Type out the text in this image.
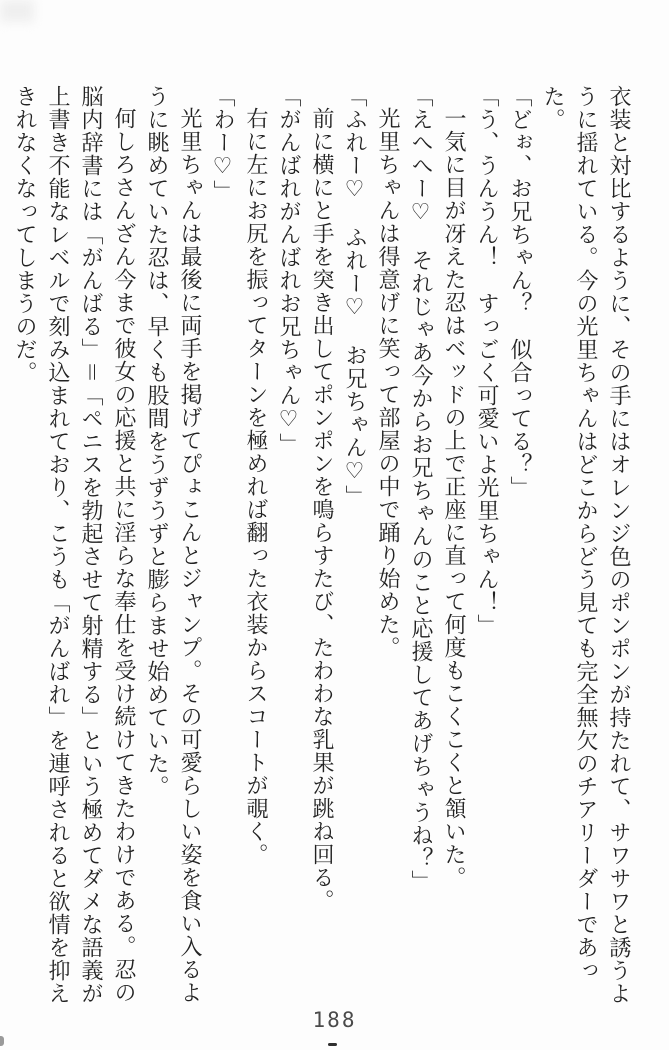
衣装と対比するように、その手にはオレンジ色のポンポンが持たれて、サワサワと誘うよ

うに揺れている。今の光里ちゃんはどこからどう見ても完全無欠のチアリーダーであった。

「どぉ、お兄ちゃん？　似合ってる？」

「う、うんうん！　すっごく可愛いよ光里ちゃん！」

一気に目が冴えた忍はベッドの上で正座に直って何度もこくこくと頷いた。

「えへへー♡　それじゃあ今からお兄ちゃんのこと応援してあげちゃうね？」

光里ちゃんは得意げに笑って部屋の中で踊り始めた。

「ふれー♡　ふれー♡　お兄ちゃん♡」

前に横にと手を突き出してポンポンを鳴らすたび、たわわな乳果が跳ね回る。

「がんばれがんばれお兄ちゃん♡」

右に左にお尻を振ってターンを極めれば翻った衣装からスコートが覗く。

「わー♡」

光里ちゃんは最後に両手を掲げてぴょこんとジャンプ。その可愛らしい姿を食い入るよ

うに眺めていた忍は、早くも股間をうずうずと膨らませ始めていた。

何しろさんざん今まで彼女の応援と共に淫らな奉仕を受け続けてきたわけである。忍の

脳内辞書には「がんばる」＝「ペニスを勃起させて射精する」という極めてダメな語義が

上書き不能なレベルで刻み込まれており、こうも「がんばれ」を連呼されると欲情を抑え

きれなくなってしまうのだ。

188
